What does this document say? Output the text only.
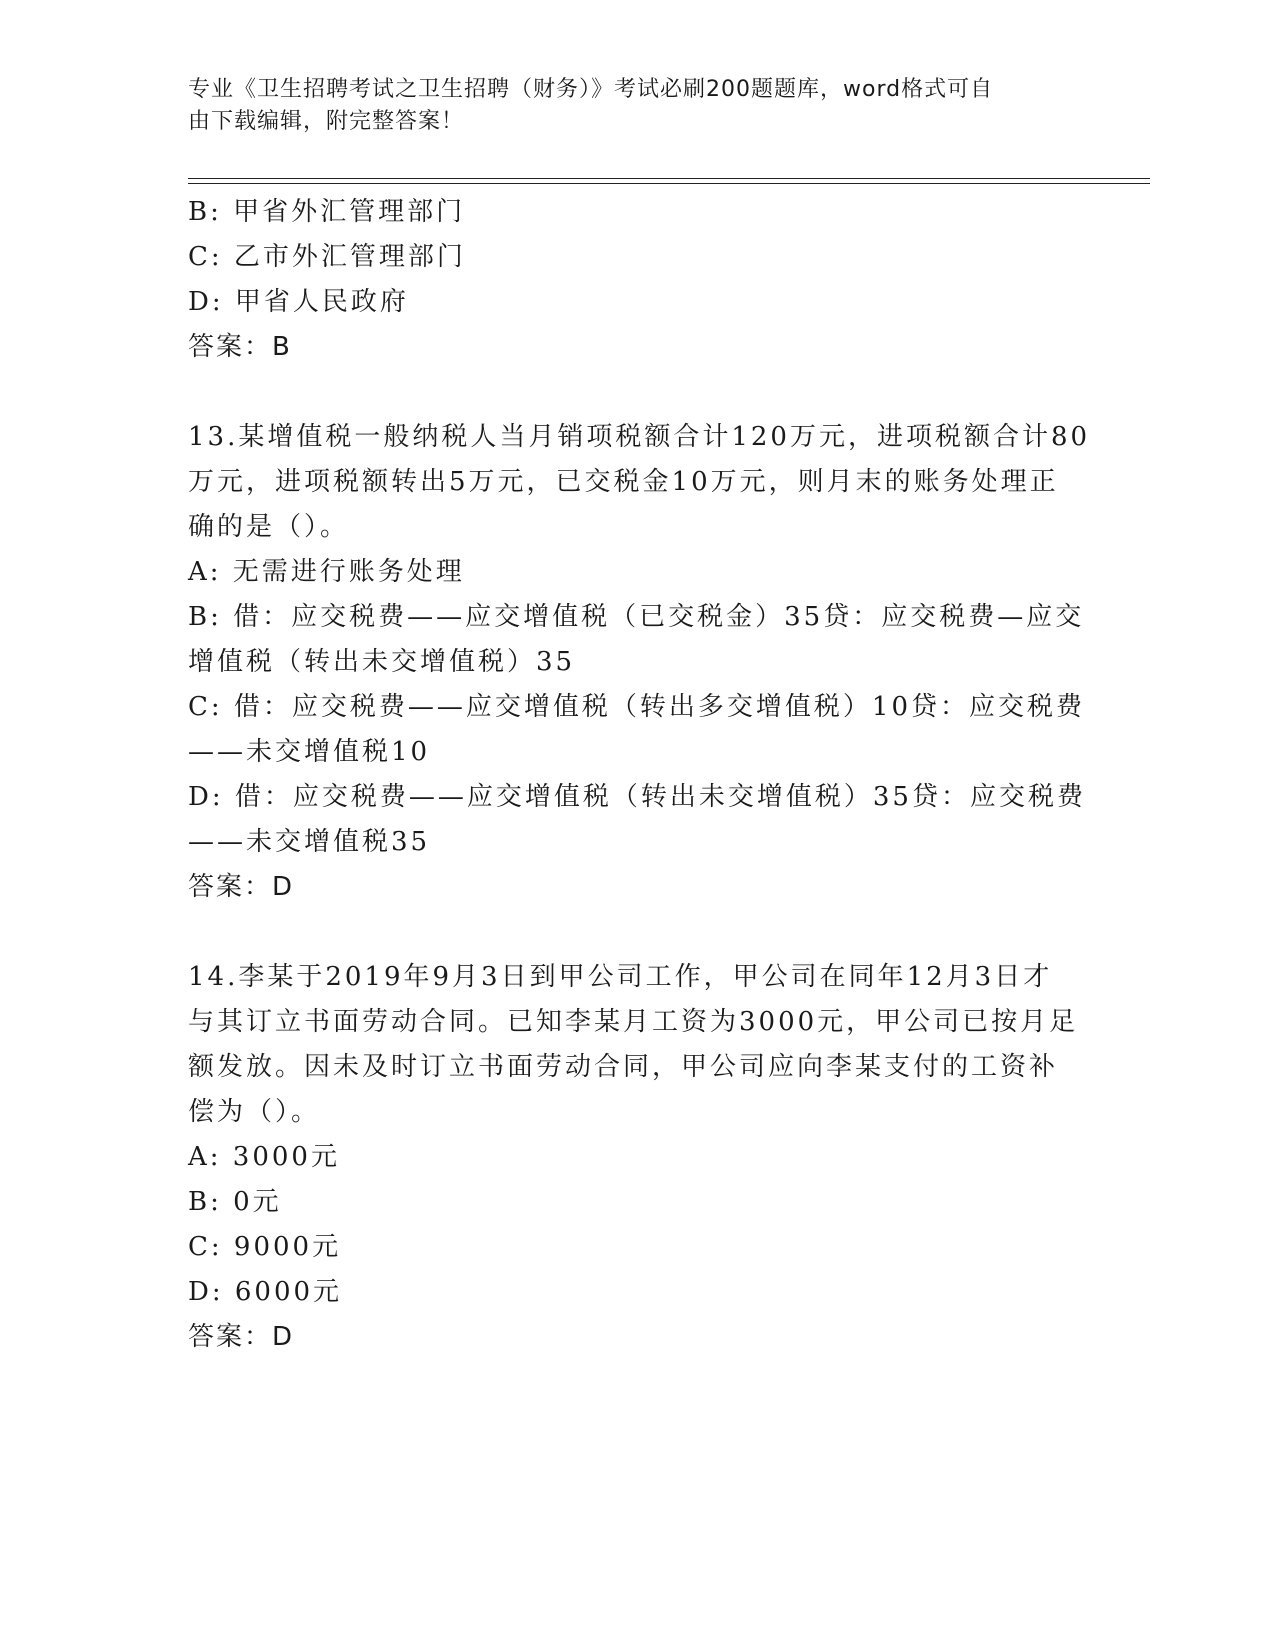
专业《卫生招聘考试之卫生招聘（财务）》考试必刷200题题库，word格式可自
由下载编辑，附完整答案！
B: 甲省外汇管理部门
C: 乙市外汇管理部门
D: 甲省人民政府
答案：B
13.某增值税一般纳税人当月销项税额合计120万元，进项税额合计80
万元，进项税额转出5万元，已交税金10万元，则月末的账务处理正
确的是（）。
A: 无需进行账务处理
B: 借：应交税费——应交增值税（已交税金）35贷：应交税费—应交
增值税（转出未交增值税）35
C: 借：应交税费——应交增值税（转出多交增值税）10贷：应交税费
——未交增值税10
D: 借：应交税费——应交增值税（转出未交增值税）35贷：应交税费
——未交增值税35
答案：D
14.李某于2019年9月3日到甲公司工作，甲公司在同年12月3日才
与其订立书面劳动合同。已知李某月工资为3000元，甲公司已按月足
额发放。因未及时订立书面劳动合同，甲公司应向李某支付的工资补
偿为（）。
A: 3000元
B: 0元
C: 9000元
D: 6000元
答案：D
